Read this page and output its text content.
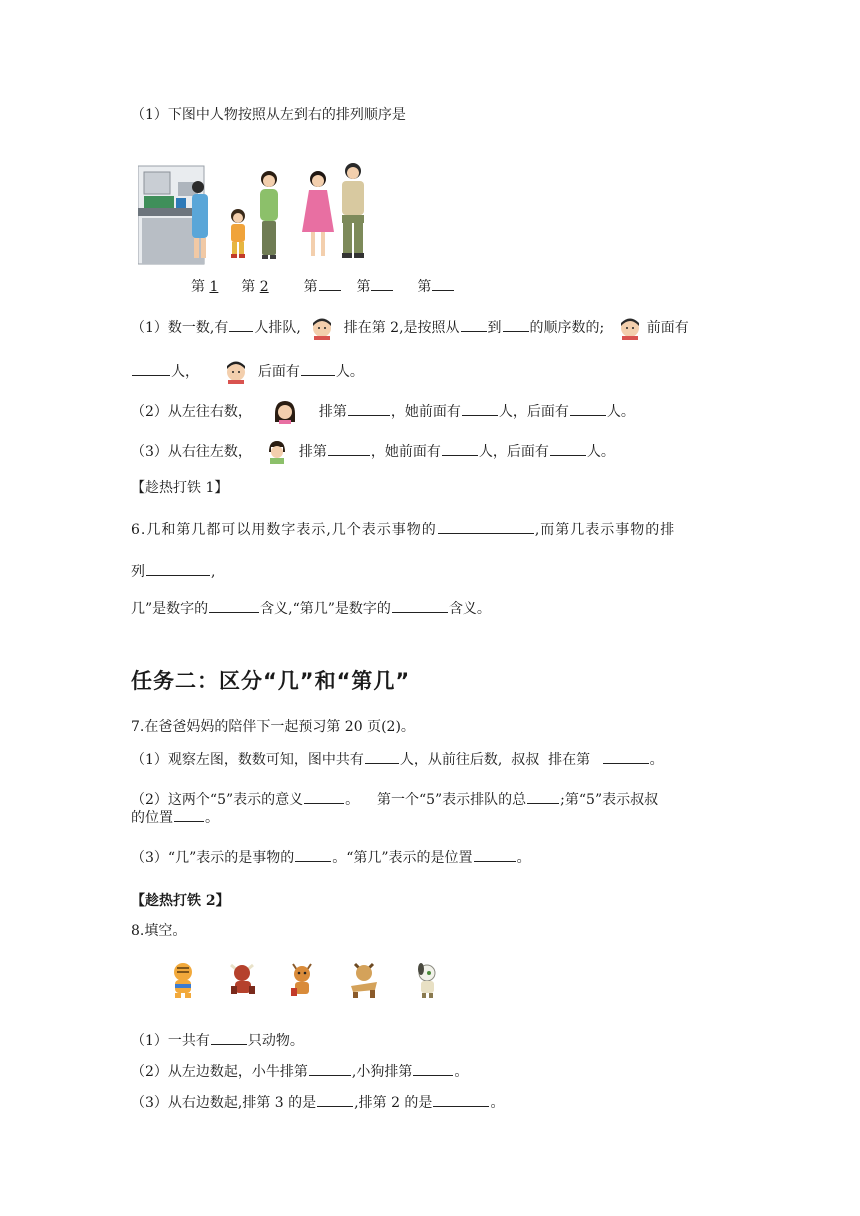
（1）下图中人物按照从左到右的排列顺序是
第 1 第 2 第	第	第
（1）数一数,有 人排队,	排在第 2,是按照从 到 的顺序数的;	前面有
人，	后面有	人。
（2）从左往右数，	排第	，她前面有	人，后面有	人。
（3）从右往左数，	排第	，她前面有	人，后面有	人。
【趁热打铁 1】
6.几和第几都可以用数字表示,几个表示事物的	,而第几表示事物的排
列	,
几”是数字的	含义,“第几”是数字的	含义。
任务二：区分“几”和“第几”
7.在爸爸妈妈的陪伴下一起预习第 20 页(2)。
（1）观察左图，数数可知，图中共有	人，从前往后数,  叔叔  排在第	。
（2）这两个“5”表示的意义	。    第一个“5”表示排队的总 ;第“5”表示叔叔
的位置 。
（3）“几”表示的是事物的	。“第几”表示的是位置	。
【趁热打铁 2】
8.填空。
（1）一共有	只动物。
（2）从左边数起，小牛排第	,小狗排第	。
（3）从右边数起,排第 3 的是	,排第 2 的是	。
